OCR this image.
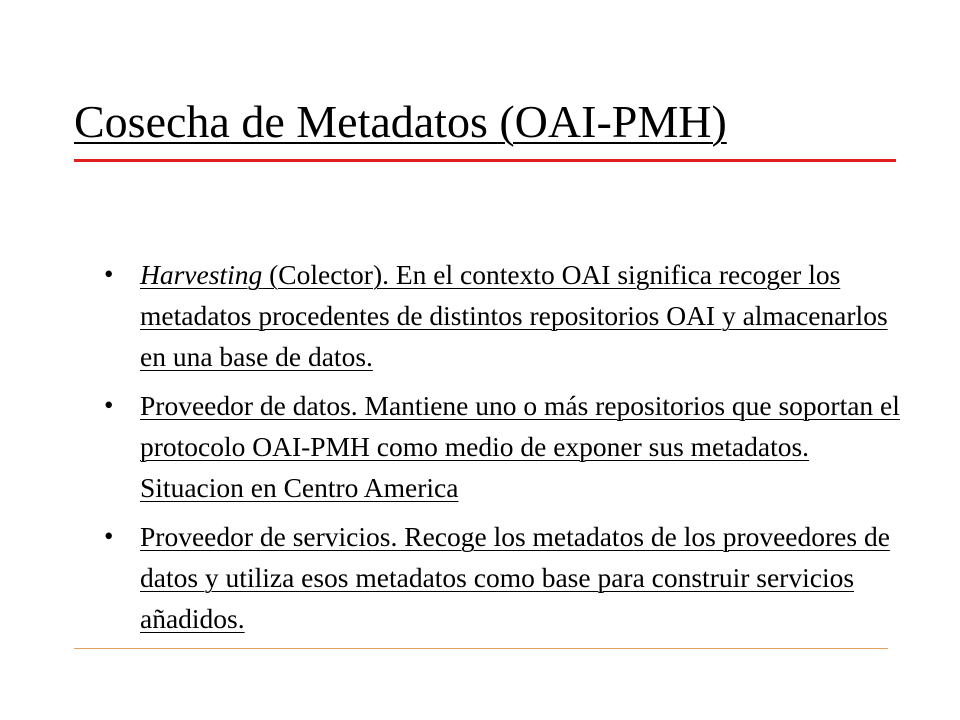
Cosecha de Metadatos (OAI-PMH)
• Harvesting (Colector). En el contexto OAI significa recoger los metadatos procedentes de distintos repositorios OAI y almacenarlos en una base de datos.
• Proveedor de datos. Mantiene uno o más repositorios que soportan el protocolo OAI-PMH como medio de exponer sus metadatos. Situacion en Centro America
• Proveedor de servicios. Recoge los metadatos de los proveedores de datos y utiliza esos metadatos como base para construir servicios añadidos.
